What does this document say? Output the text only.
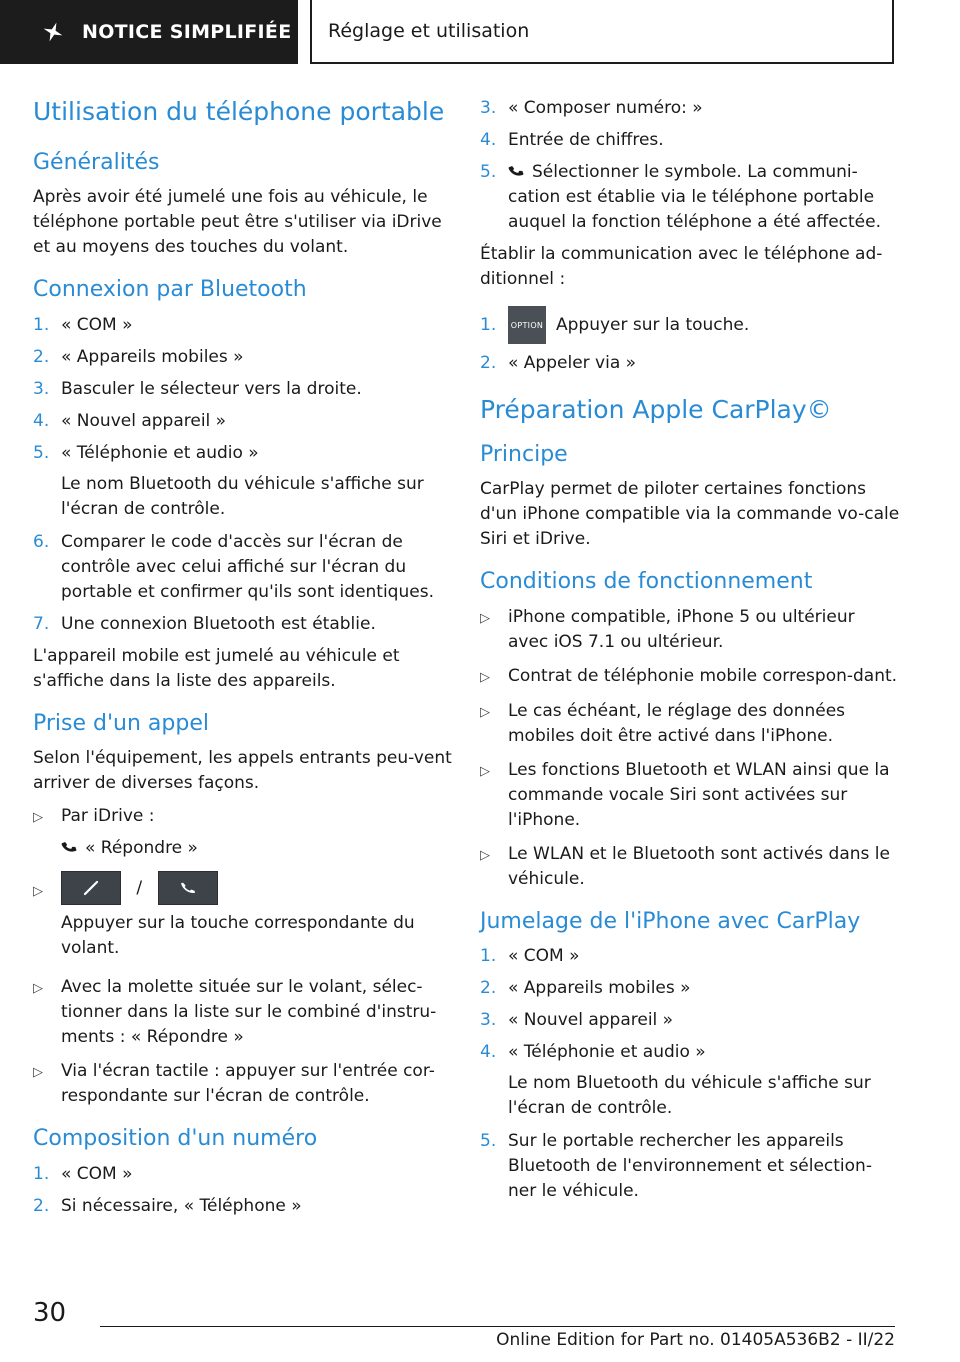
NOTICE SIMPLIFIÉE Réglage et utilisation
Utilisation du téléphone portable
Généralités

Après avoir été jumelé une fois au véhicule, le téléphone portable peut être s'utiliser via iDrive et au moyens des touches du volant.

Connexion par Bluetooth
1. « COM »
2. « Appareils mobiles »
3. Basculer le sélecteur vers la droite.
4. « Nouvel appareil »
5. « Téléphonie et audio »
Le nom Bluetooth du véhicule s'affiche sur l'écran de contrôle.
6. Comparer le code d'accès sur l'écran de contrôle avec celui affiché sur l'écran du portable et confirmer qu'ils sont identiques.
7. Une connexion Bluetooth est établie.

L'appareil mobile est jumelé au véhicule et s'affiche dans la liste des appareils.

Prise d'un appel

Selon l'équipement, les appels entrants peu-vent arriver de diverses façons.

▷	Par iDrive :
« Répondre »
▷	/
Appuyer sur la touche correspondante du volant.
▷	Avec la molette située sur le volant, sélec-tionner dans la liste sur le combiné d'instru-ments : « Répondre »
▷	Via l'écran tactile : appuyer sur l'entrée cor-respondante sur l'écran de contrôle.
Composition d'un numéro
1. « COM »
2. Si nécessaire, « Téléphone »
3. « Composer numéro: »
4. Entrée de chiffres.
5.	Sélectionner le symbole. La communi-cation est établie via le téléphone portable auquel la fonction téléphone a été affectée.

Établir la communication avec le téléphone ad-ditionnel :

1.	OPTION Appuyer sur la touche.
2. « Appeler via »
Préparation Apple CarPlay©
Principe

CarPlay permet de piloter certaines fonctions d'un iPhone compatible via la commande vo-cale Siri et iDrive.

Conditions de fonctionnement
▷	iPhone compatible, iPhone 5 ou ultérieur avec iOS 7.1 ou ultérieur.
▷	Contrat de téléphonie mobile correspon-dant.
▷	Le cas échéant, le réglage des données mobiles doit être activé dans l'iPhone.
▷	Les fonctions Bluetooth et WLAN ainsi que la commande vocale Siri sont activées sur l'iPhone.
▷	Le WLAN et le Bluetooth sont activés dans le véhicule.
Jumelage de l'iPhone avec CarPlay
1. « COM »
2. « Appareils mobiles »
3. « Nouvel appareil »
4. « Téléphonie et audio »
Le nom Bluetooth du véhicule s'affiche sur l'écran de contrôle.
5. Sur le portable rechercher les appareils Bluetooth de l'environnement et sélection-ner le véhicule.
30
Online Edition for Part no. 01405A536B2 - II/22
